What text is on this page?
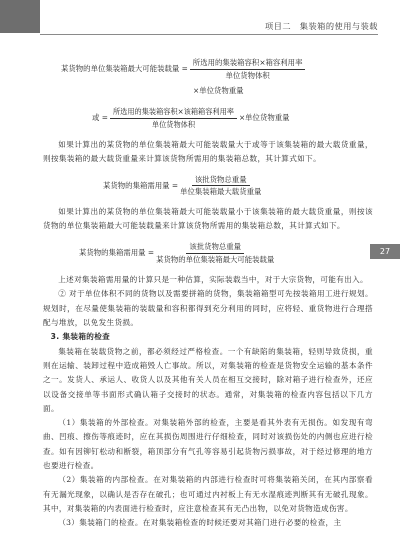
项目二　集装箱的使用与装载
27
某货物的单位集装箱最大可能装载量 = $\frac{\text{所选用的集装箱容积×箱容利用率}}{\text{单位货物体积}}$
×单位货物重量
或 = $\frac{\text{所选用的集装箱容积×该箱箱容利用率}}{\text{单位货物体积}}$ ×单位货物重量

如果计算出的某货物的单位集装箱最大可能装载量大于或等于该集装箱的最大载货重量，则按集装箱的最大载货重量来计算该货物所需用的集装箱总数，其计算式如下。

某货物的集箱需用量 = $\frac{\text{该批货物总重量}}{\text{单位集装箱最大载货重量}}$

如果计算出的某货物的单位集装箱最大可能装载量小于该集装箱的最大载货重量，则按该货物的单位集装箱最大可能装载量来计算该货物所需用的集装箱总数，其计算式如下。

某货物的集箱需用量 = $\frac{\text{该批货物总重量}}{\text{某货物的单位集装箱最大可能装载量}}$

上述对集装箱需用量的计算只是一种估算，实际装载当中，对于大宗货物，可能有出入。

② 对于单位体积不同的货物以及需要拼箱的货物，集装箱箱型可先按装箱用工进行规划。规划时，在尽量使集装箱的装载量和容积都得到充分利用的同时，应将轻、重货物进行合理搭配与堆放，以免发生货损。

3. 集装箱的检查

集装箱在装载货物之前，都必须经过严格检查。一个有缺陷的集装箱，轻则导致货损，重则在运输、装卸过程中造成箱毁人亡事故。所以，对集装箱的检查是货物安全运输的基本条件之一。发货人、承运人、收货人以及其他有关人员在相互交接时，除对箱子进行检查外，还应以设备交接单等书面形式确认箱子交接时的状态。通常，对集装箱的检查内容包括以下几方面。

（1）集装箱的外部检查。对集装箱外部的检查，主要是看其外表有无损伤。如发现有弯曲、凹痕、擦伤等痕迹时，应在其损伤周围进行仔细检查，同时对该损伤处的内侧也应进行检查。如有因铆钉松动和断裂，箱顶部分有气孔等容易引起货物污损事故，对于经过修理的地方也要进行检查。

（2）集装箱的内部检查。在对集装箱的内部进行检查时可将集装箱关闭，在其内部察看有无漏光现象，以确认是否存在破孔；也可通过内衬板上有无水湿痕迹判断其有无破孔现象。其中，对集装箱的内表面进行检查时，应注意检查其有无凸出物，以免对货物造成伤害。

（3）集装箱门的检查。在对集装箱检查的时候还要对其箱门进行必要的检查，主
